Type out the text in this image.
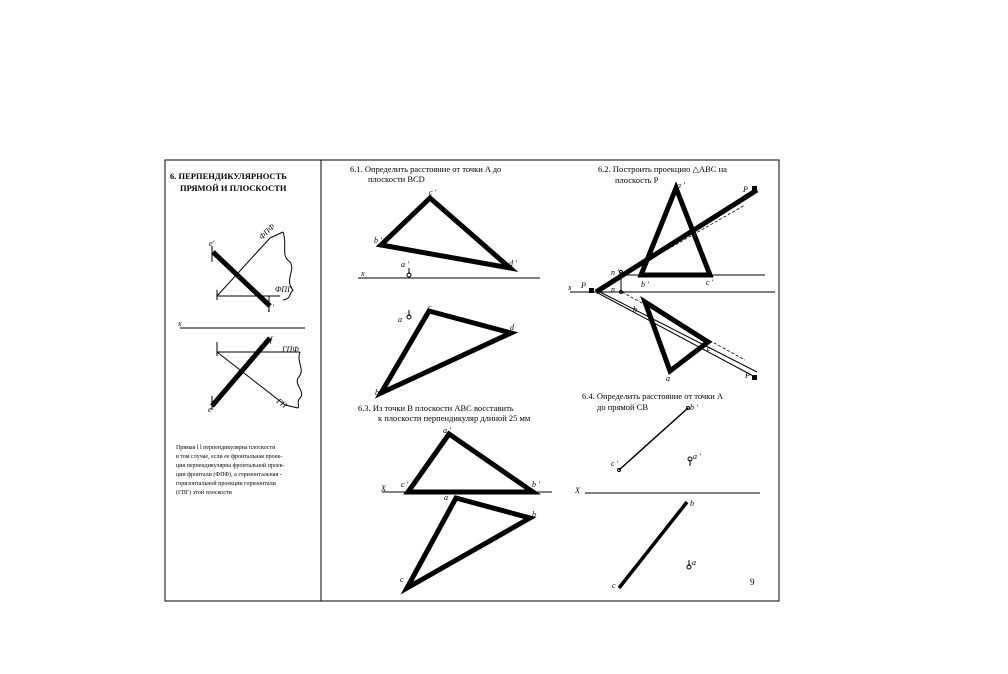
6. ПЕРПЕНДИКУЛЯРНОСТЬ
ПРЯМОЙ И ПЛОСКОСТИ
x
e'
ФПФ
ФПГ
f '
f
ГПФ
ГП
e
Прямая l l перпендикулярна плоскости
в том случае, если ее фронтальная проек-
ция перпендикулярна фронтальной проек-
ции фронтали (ФПФ), а горизонтальная -
горизонтальной проекции горизонтали
(ГПГ) этой плоскости
6.1. Определить расстояние от точки A до
плоскости BCD
c '
b '
d '
x
a '
a
c
d
b
6.2. Построить проекцию △ABC на
плоскость P
x
a '	P
n '
b '	c '
P	n
h
c
a	P
6.3. Из точки B плоскости ABC восставить
к плоскости перпендикуляр длиной 25 мм
X
a '
c '	b '
a
b
c
6.4. Определить расстояние от точки A
до прямой CB	b '
c '
a '
X
b
a
c	9
